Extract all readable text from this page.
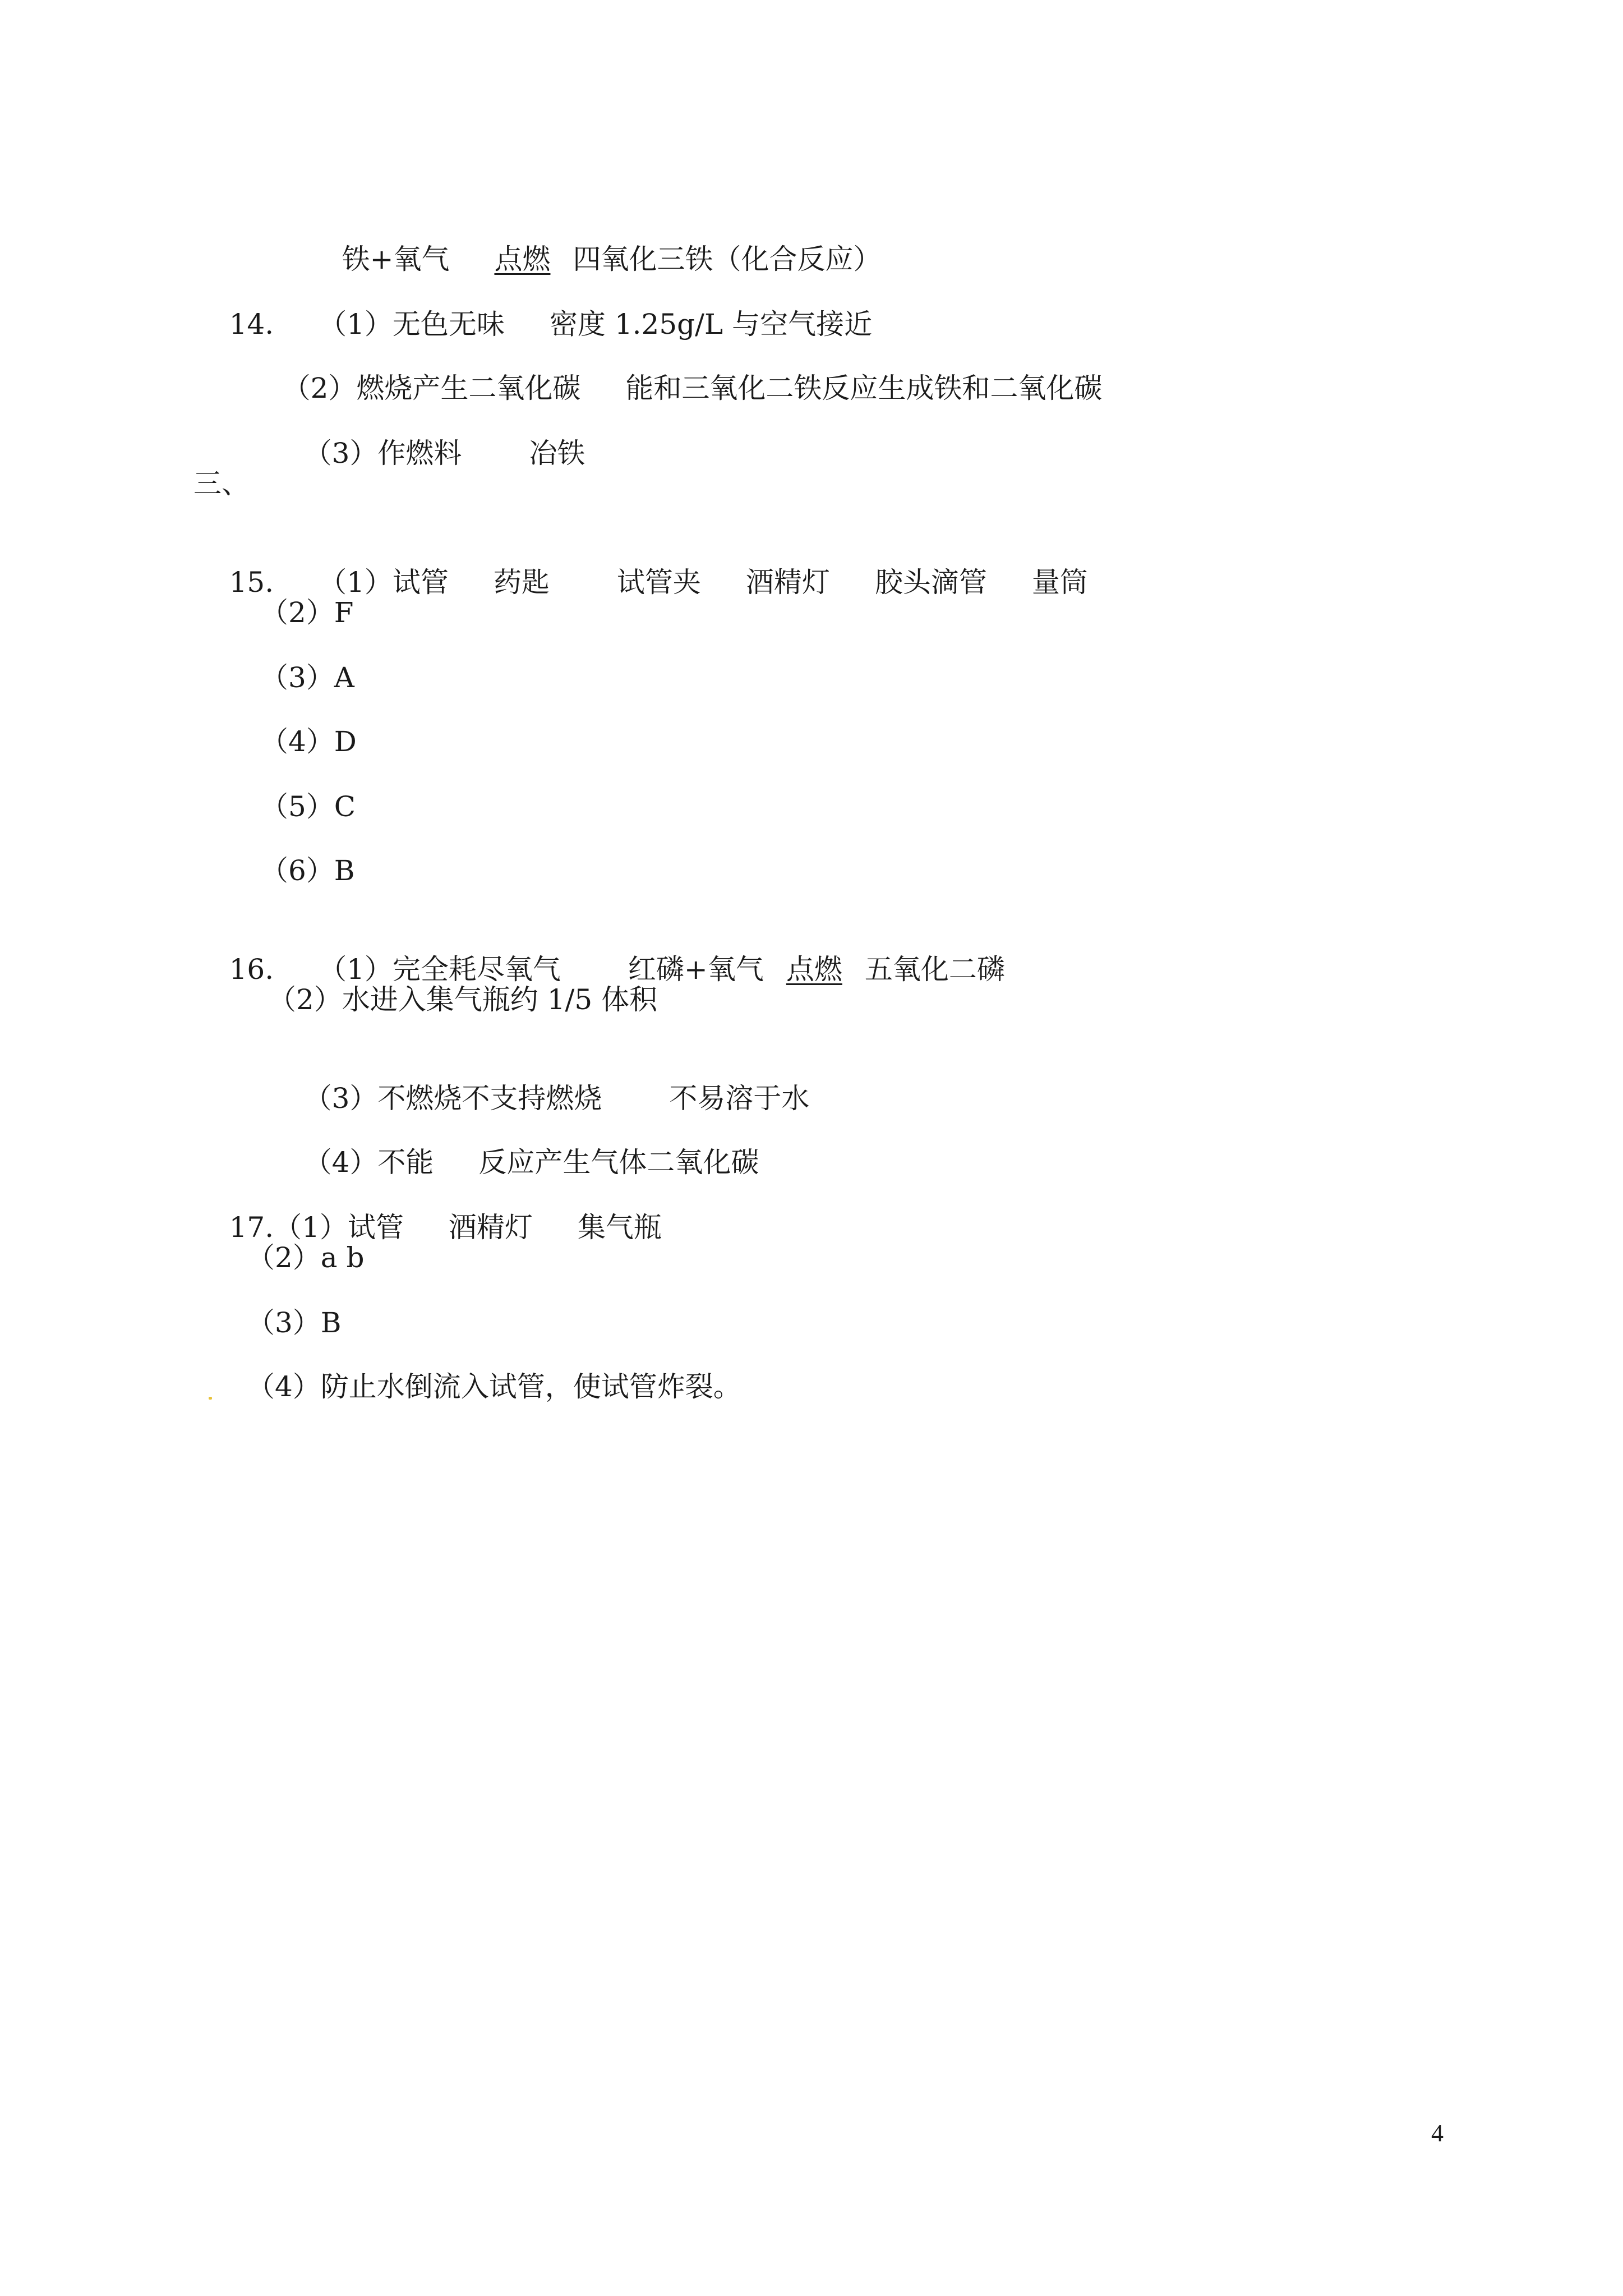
铁+氧气 点燃 四氧化三铁（化合反应）

14. （1）无色无味 密度 1.25g/L 与空气接近

（2）燃烧产生二氧化碳 能和三氧化二铁反应生成铁和二氧化碳

（3）作燃料 冶铁

三、

15. （1）试管 药匙 试管夹 酒精灯 胶头滴管 量筒

（2）F
（3）A
（4）D
（5）C
（6）B

16. （1）完全耗尽氧气 红磷+氧气 点燃 五氧化二磷

（2）水进入集气瓶约 1/5 体积

（3）不燃烧不支持燃烧 不易溶于水

（4）不能 反应产生气体二氧化碳

17.（1）试管 酒精灯 集气瓶

（2）a b
（3）B
（4）防止水倒流入试管，使试管炸裂。
4
